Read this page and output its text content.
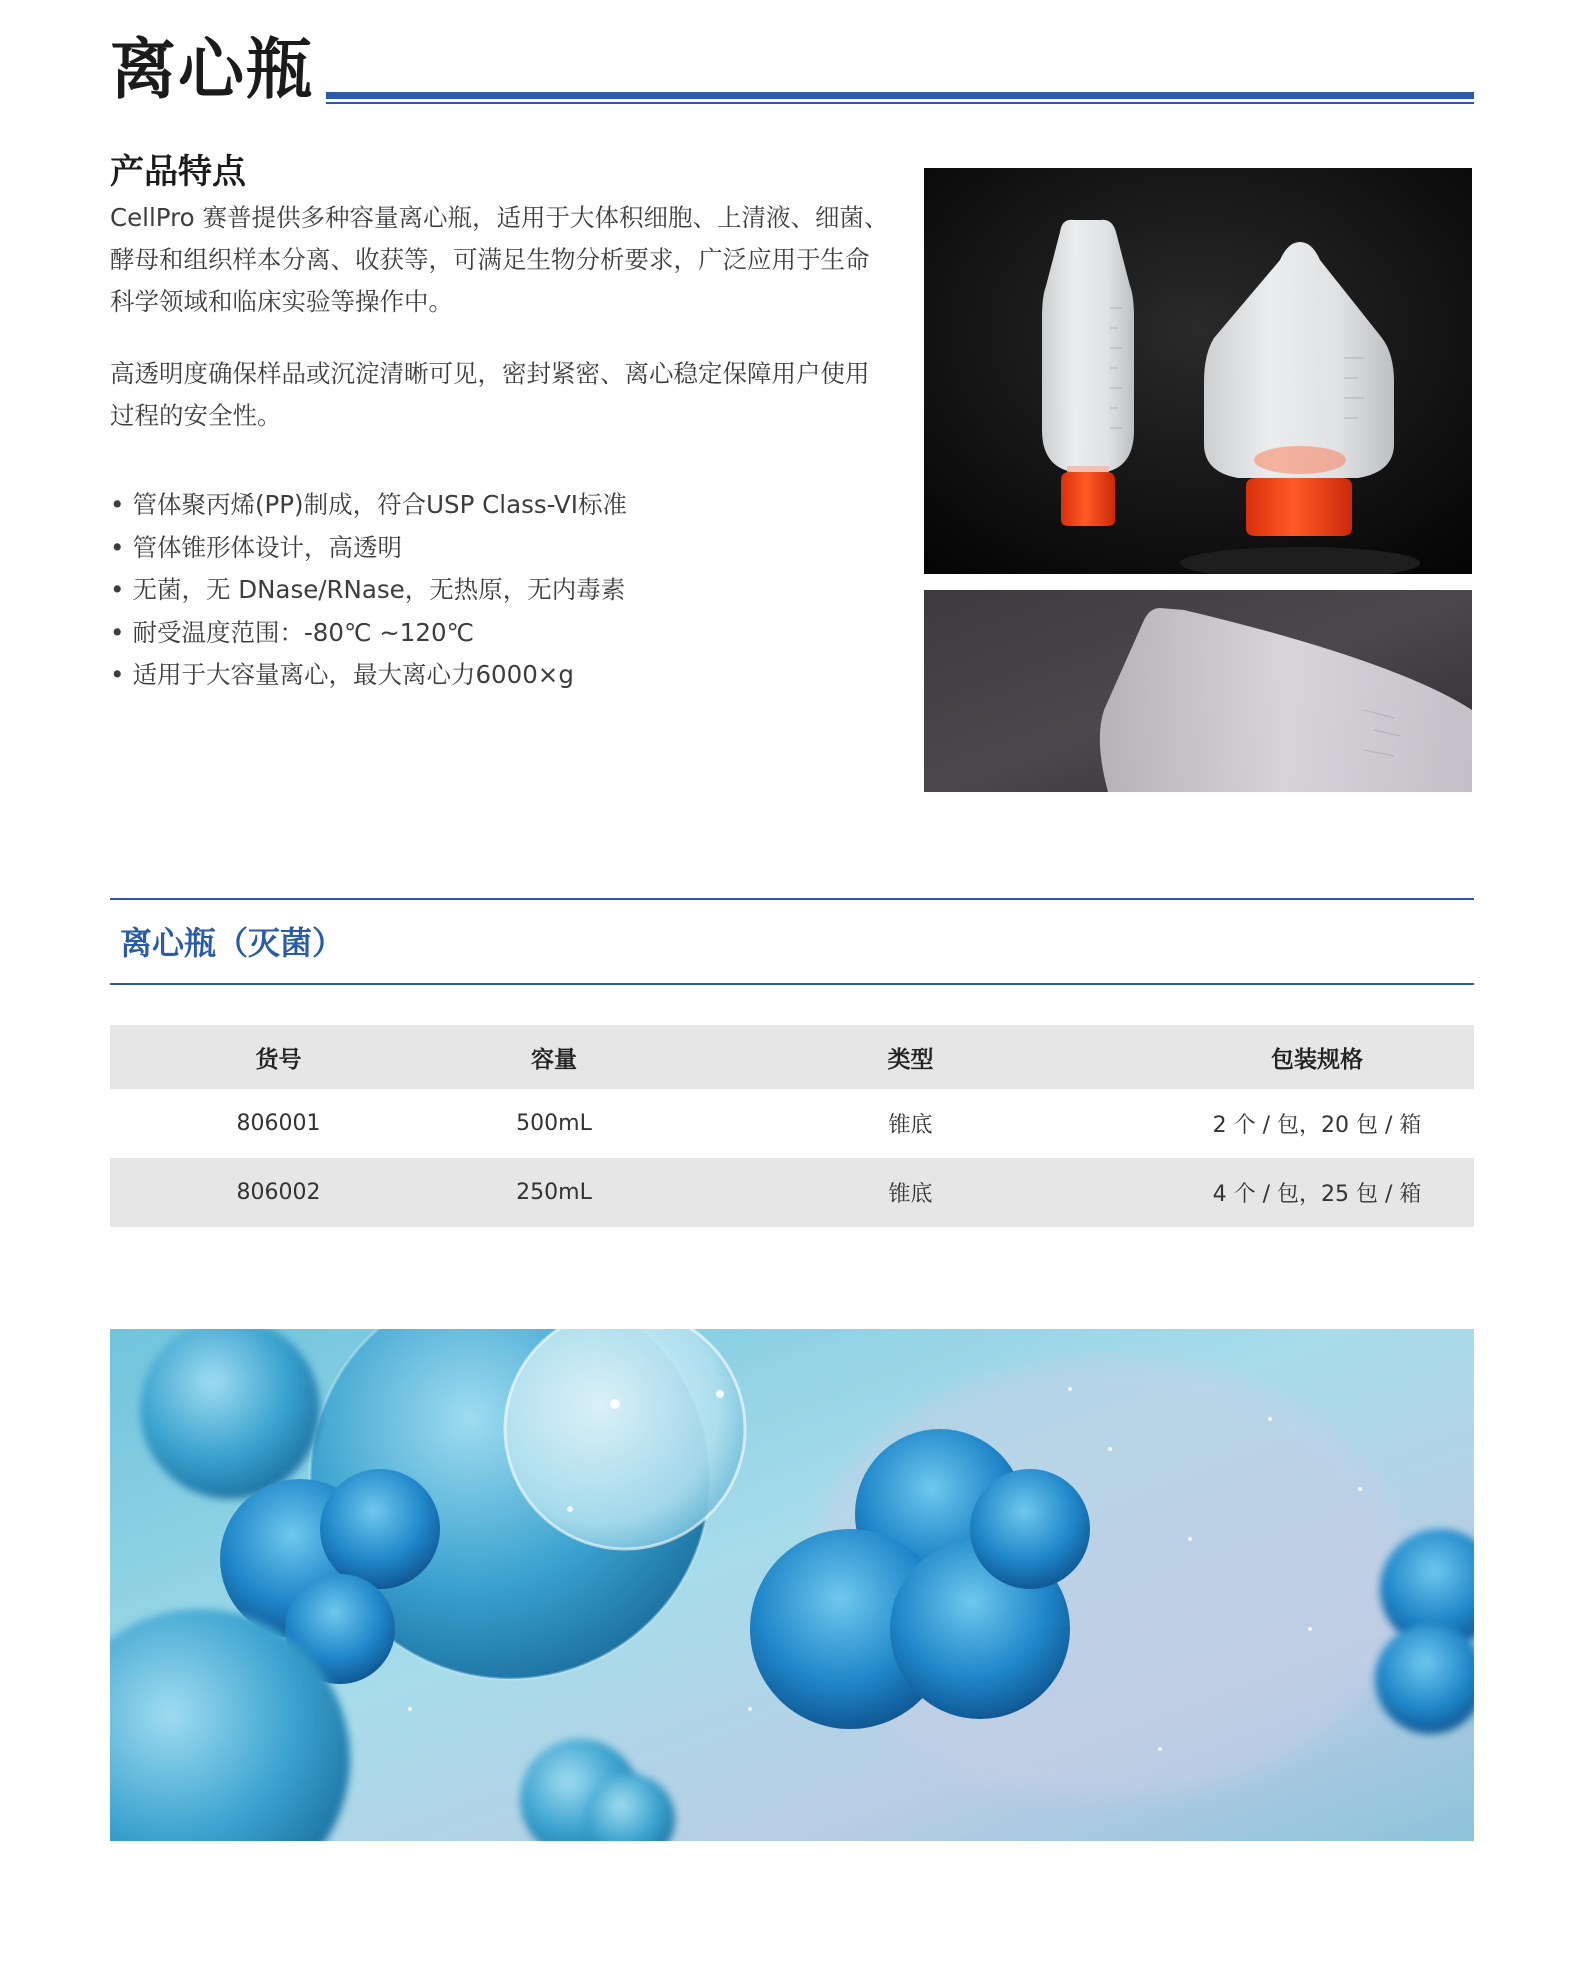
离心瓶
产品特点

CellPro 赛普提供多种容量离心瓶，适用于大体积细胞、上清液、细菌、酵母和组织样本分离、收获等，可满足生物分析要求，广泛应用于生命科学领域和临床实验等操作中。

高透明度确保样品或沉淀清晰可见，密封紧密、离心稳定保障用户使用过程的安全性。

• 管体聚丙烯(PP)制成，符合USP Class-VI标准
• 管体锥形体设计，高透明
• 无菌，无 DNase/RNase，无热原，无内毒素
• 耐受温度范围：-80℃ ~120℃
• 适用于大容量离心，最大离心力6000×g
离心瓶（灭菌）
货号	容量	类型	包装规格
806001	500mL	锥底	2 个 / 包，20 包 / 箱
806002	250mL	锥底	4 个 / 包，25 包 / 箱
